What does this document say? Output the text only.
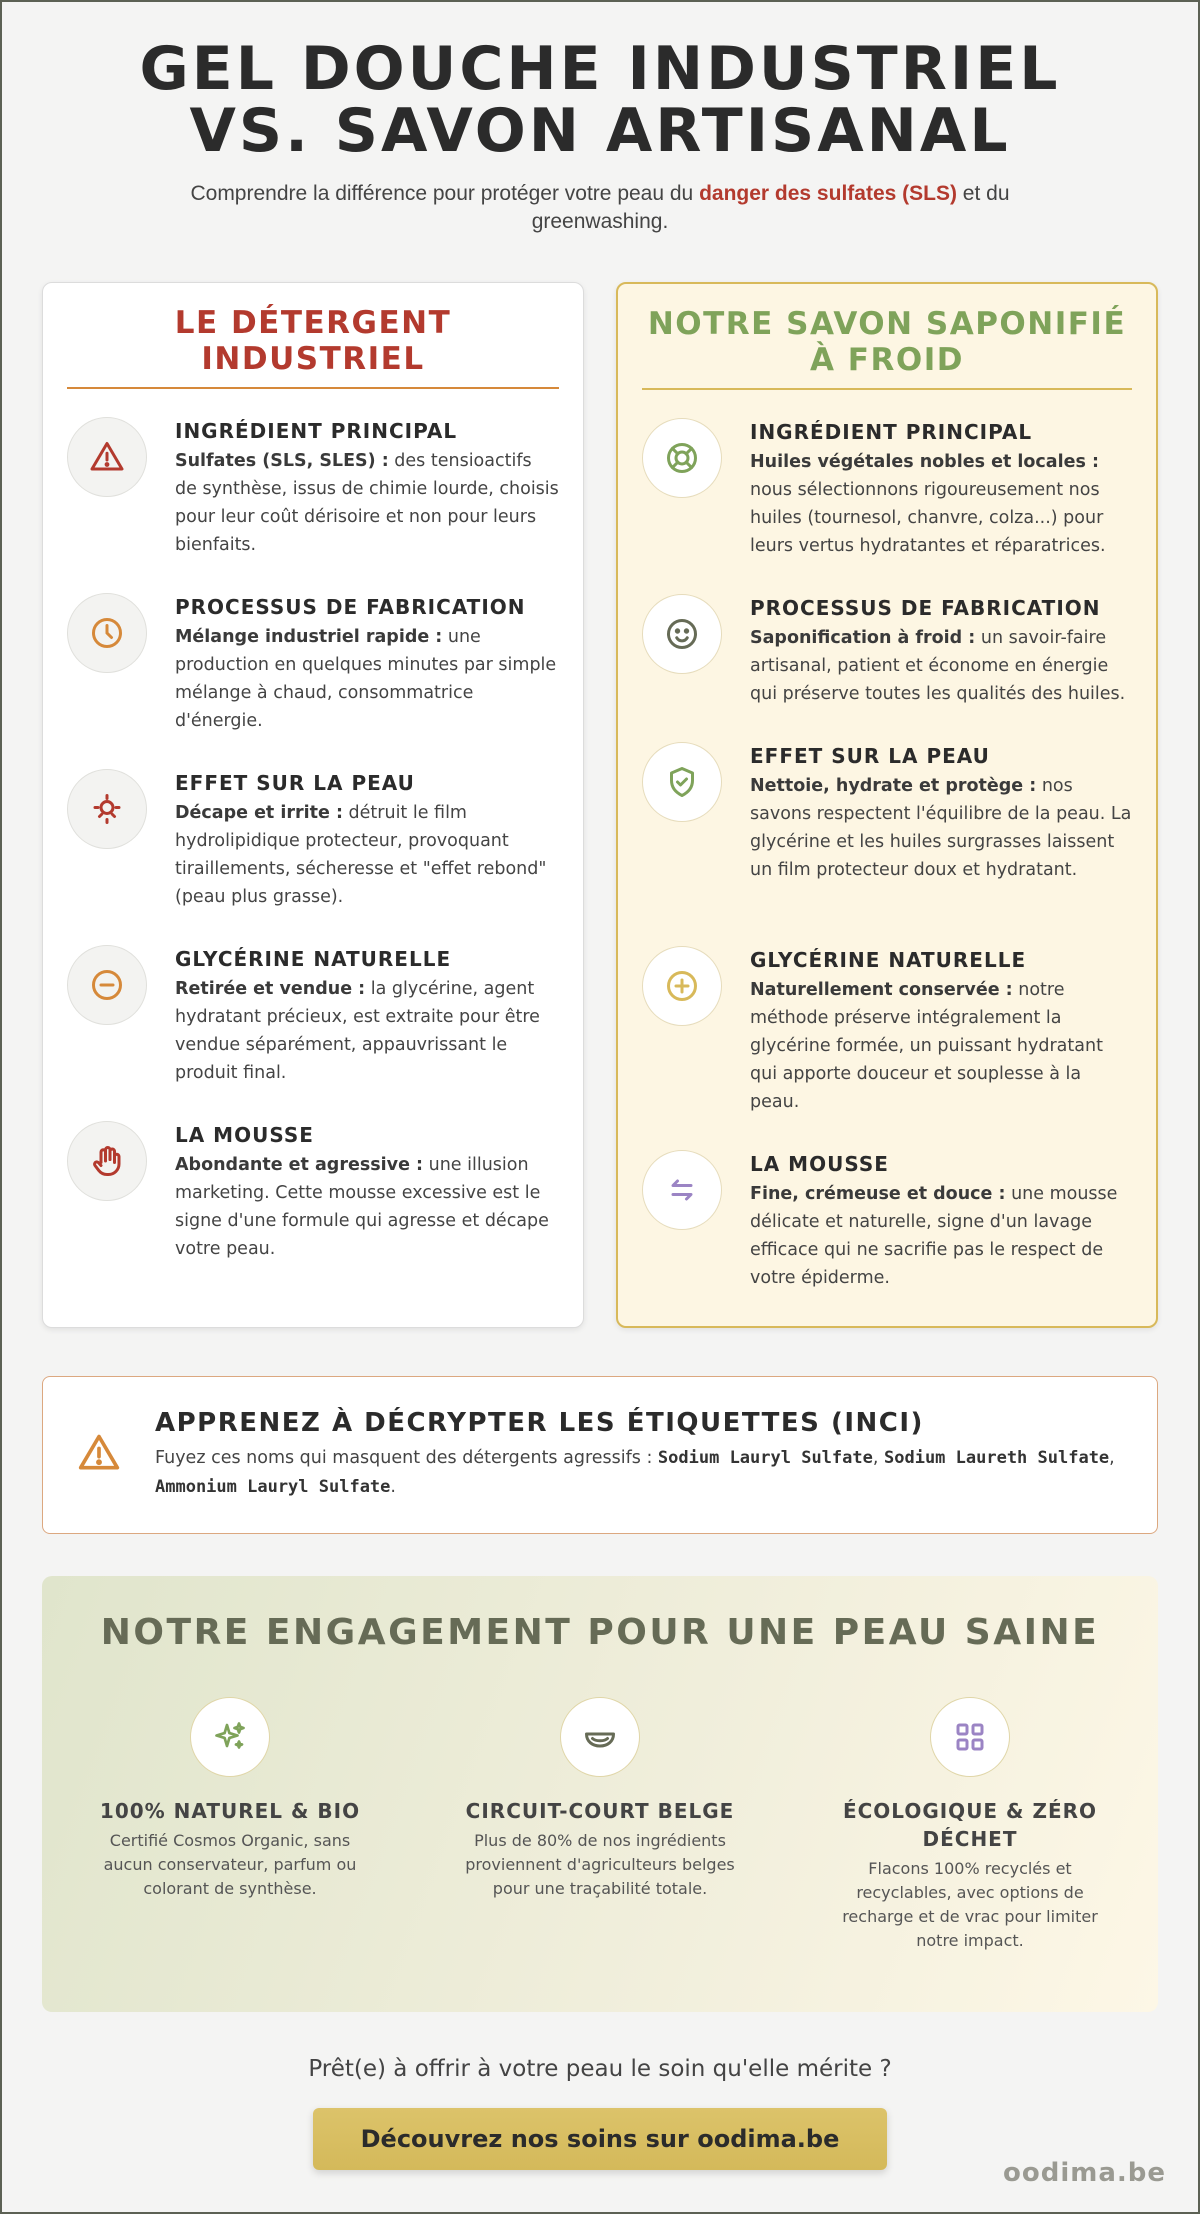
GEL DOUCHE INDUSTRIEL VS. SAVON ARTISANAL

Comprendre la différence pour protéger votre peau du danger des sulfates (SLS) et du greenwashing.

LE DÉTERGENT INDUSTRIEL
INGRÉDIENT PRINCIPAL
Sulfates (SLS, SLES) : des tensioactifs de synthèse, issus de chimie lourde, choisis pour leur coût dérisoire et non pour leurs bienfaits.
PROCESSUS DE FABRICATION
Mélange industriel rapide : une production en quelques minutes par simple mélange à chaud, consommatrice d'énergie.
EFFET SUR LA PEAU
Décape et irrite : détruit le film hydrolipidique protecteur, provoquant tiraillements, sécheresse et "effet rebond" (peau plus grasse).
GLYCÉRINE NATURELLE
Retirée et vendue : la glycérine, agent hydratant précieux, est extraite pour être vendue séparément, appauvrissant le produit final.
LA MOUSSE
Abondante et agressive : une illusion marketing. Cette mousse excessive est le signe d'une formule qui agresse et décape votre peau.
NOTRE SAVON SAPONIFIÉ À FROID
INGRÉDIENT PRINCIPAL
Huiles végétales nobles et locales : nous sélectionnons rigoureusement nos huiles (tournesol, chanvre, colza...) pour leurs vertus hydratantes et réparatrices.
PROCESSUS DE FABRICATION
Saponification à froid : un savoir-faire artisanal, patient et économe en énergie qui préserve toutes les qualités des huiles.
EFFET SUR LA PEAU
Nettoie, hydrate et protège : nos savons respectent l'équilibre de la peau. La glycérine et les huiles surgrasses laissent un film protecteur doux et hydratant.
GLYCÉRINE NATURELLE
Naturellement conservée : notre méthode préserve intégralement la glycérine formée, un puissant hydratant qui apporte douceur et souplesse à la peau.
LA MOUSSE
Fine, crémeuse et douce : une mousse délicate et naturelle, signe d'un lavage efficace qui ne sacrifie pas le respect de votre épiderme.
APPRENEZ À DÉCRYPTER LES ÉTIQUETTES (INCI)
Fuyez ces noms qui masquent des détergents agressifs : Sodium Lauryl Sulfate, Sodium Laureth Sulfate, Ammonium Lauryl Sulfate.
NOTRE ENGAGEMENT POUR UNE PEAU SAINE
100% NATUREL & BIO
Certifié Cosmos Organic, sans aucun conservateur, parfum ou colorant de synthèse.
CIRCUIT-COURT BELGE
Plus de 80% de nos ingrédients proviennent d'agriculteurs belges pour une traçabilité totale.
ÉCOLOGIQUE & ZÉRO DÉCHET
Flacons 100% recyclés et recyclables, avec options de recharge et de vrac pour limiter notre impact.
Prêt(e) à offrir à votre peau le soin qu'elle mérite ?
Découvrez nos soins sur oodima.be
oodima.be
